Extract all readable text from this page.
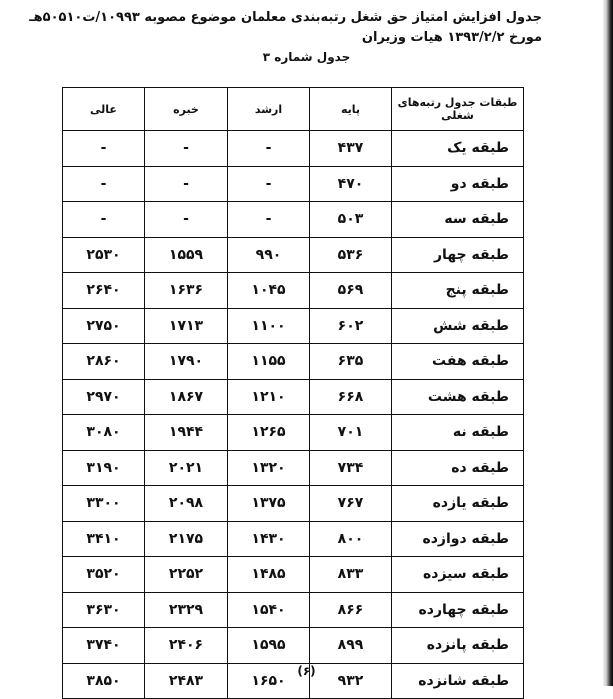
جدول افزایش امتیاز حق شغل رتبه‌بندی معلمان موضوع مصوبه ۱۰۹۹۳/ت۵۰۵۱۰هـ مورخ ۱۳۹۳/۲/۲ هیات وزیران
جدول شماره ۳
طبقات جدول رتبه‌های شغلی	پایه	ارشد	خبره	عالی
طبقه یک	۴۳۷	-	-	-
طبقه دو	۴۷۰	-	-	-
طبقه سه	۵۰۳	-	-	-
طبقه چهار	۵۳۶	۹۹۰	۱۵۵۹	۲۵۳۰
طبقه پنج	۵۶۹	۱۰۴۵	۱۶۳۶	۲۶۴۰
طبقه شش	۶۰۲	۱۱۰۰	۱۷۱۳	۲۷۵۰
طبقه هفت	۶۳۵	۱۱۵۵	۱۷۹۰	۲۸۶۰
طبقه هشت	۶۶۸	۱۲۱۰	۱۸۶۷	۲۹۷۰
طبقه نه	۷۰۱	۱۲۶۵	۱۹۴۴	۳۰۸۰
طبقه ده	۷۳۴	۱۳۲۰	۲۰۲۱	۳۱۹۰
طبقه یازده	۷۶۷	۱۳۷۵	۲۰۹۸	۳۳۰۰
طبقه دوازده	۸۰۰	۱۴۳۰	۲۱۷۵	۳۴۱۰
طبقه سیزده	۸۳۳	۱۴۸۵	۲۲۵۲	۳۵۲۰
طبقه چهارده	۸۶۶	۱۵۴۰	۲۳۲۹	۳۶۳۰
طبقه پانزده	۸۹۹	۱۵۹۵	۲۴۰۶	۳۷۴۰
طبقه شانزده	۹۳۲	۱۶۵۰	۲۴۸۳	۳۸۵۰
(۶)
